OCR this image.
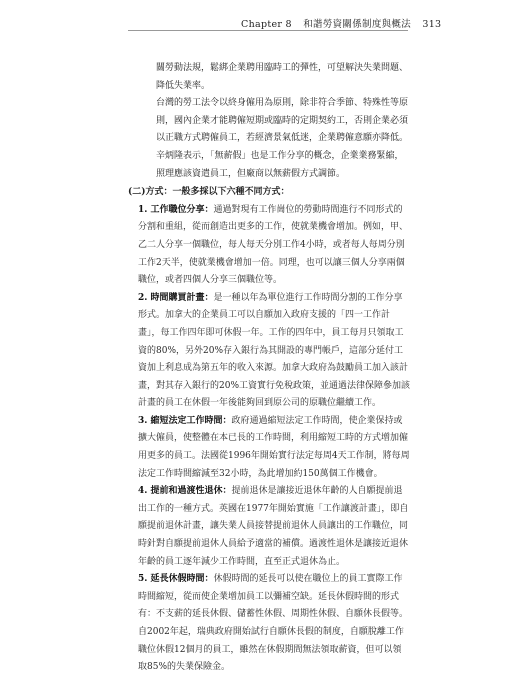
Chapter 8 和諧勞資關係制度與概法 313

關勞動法規，鬆綁企業聘用臨時工的彈性，可望解決失業問題、降低失業率。

台灣的勞工法令以終身僱用為原則，除非符合季節、特殊性等原則，國內企業才能聘僱短期或臨時的定期契約工，否則企業必須以正職方式聘僱員工，若經濟景氣低迷，企業聘僱意願亦降低。

辛炳隆表示，「無薪假」也是工作分享的概念，企業業務緊縮，照理應該資遣員工，但廠商以無薪假方式調節。

(二)方式：一般多採以下六種不同方式：

1. 工作職位分享：通過對現有工作崗位的勞動時間進行不同形式的分割和重組，從而創造出更多的工作，使就業機會增加。例如，甲、乙二人分享一個職位，每人每天分別工作4小時，或者每人每周分別工作2天半，使就業機會增加一倍。同理，也可以讓三個人分享兩個職位，或者四個人分享三個職位等。

2. 時間購買計畫：是一種以年為單位進行工作時間分割的工作分享形式。加拿大的企業員工可以自願加入政府支援的「四一工作計畫」，每工作四年即可休假一年。工作的四年中，員工每月只領取工資的80%，另外20%存入銀行為其開設的專門帳戶，這部分延付工資加上利息成為第五年的收入來源。加拿大政府為鼓勵員工加入該計畫，對其存入銀行的20%工資實行免稅政策，並通過法律保障參加該計畫的員工在休假一年後能夠回到原公司的原職位繼續工作。

3. 縮短法定工作時間：政府通過縮短法定工作時間，使企業保持或擴大僱員，使整體在本已長的工作時間，利用縮短工時的方式增加僱用更多的員工。法國從1996年開始實行法定每周4天工作制，將每周法定工作時間縮減至32小時，為此增加約150萬個工作機會。

4. 提前和過渡性退休：提前退休是讓接近退休年齡的人自願提前退出工作的一種方式。英國在1977年開始實施「工作讓渡計畫」，即自願提前退休計畫，讓失業人員接替提前退休人員讓出的工作職位，同時針對自願提前退休人員給予適當的補償。過渡性退休是讓接近退休年齡的員工逐年減少工作時間，直至正式退休為止。

5. 延長休假時間：休假時間的延長可以使在職位上的員工實際工作時間縮短，從而使企業增加員工以彌補空缺。延長休假時間的形式有：不支薪的延長休假、儲蓄性休假、周期性休假、自願休長假等。自2002年起，瑞典政府開始試行自願休長假的制度，自願脫離工作職位休假12個月的員工，雖然在休假期間無法領取薪資，但可以領取85%的失業保險金。
